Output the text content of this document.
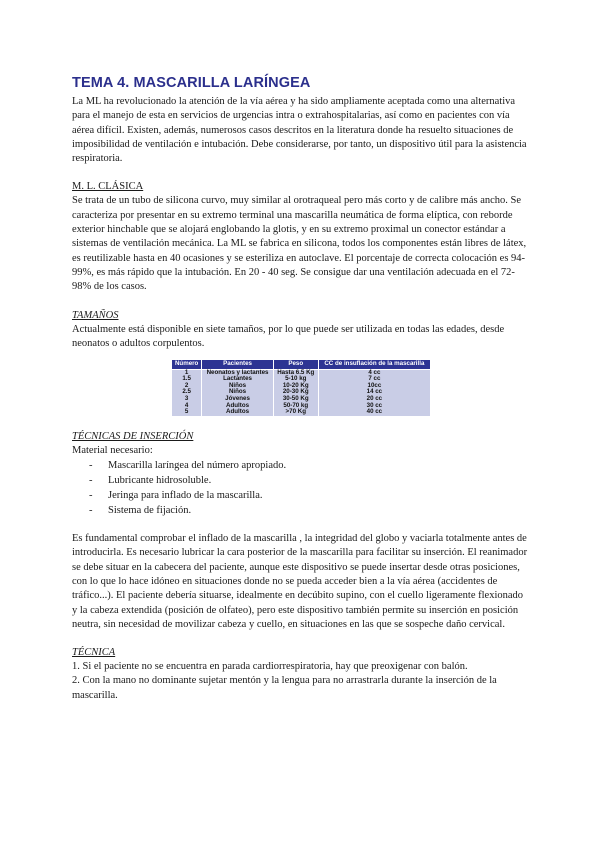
TEMA 4. MASCARILLA LARÍNGEA

La ML ha revolucionado la atención de la vía aérea y ha sido ampliamente aceptada como una alternativa para el manejo de esta en servicios de urgencias intra o extrahospitalarias, así como en pacientes con vía aérea difícil. Existen, además, numerosos casos descritos en la literatura donde ha resuelto situaciones de imposibilidad de ventilación e intubación. Debe considerarse, por tanto, un dispositivo útil para la asistencia respiratoria.

M. L. CLÁSICA

Se trata de un tubo de silicona curvo, muy similar al orotraqueal pero más corto y de calibre más ancho. Se caracteriza por presentar en su extremo terminal una mascarilla neumática de forma elíptica, con reborde exterior hinchable que se alojará englobando la glotis, y en su extremo proximal un conector estándar a sistemas de ventilación mecánica. La ML se fabrica en silicona, todos los componentes están libres de látex, es reutilizable hasta en 40 ocasiones y se esteriliza en autoclave. El porcentaje de correcta colocación es 94-99%, es más rápido que la intubación. En 20 - 40 seg. Se consigue dar una ventilación adecuada en el 72-98% de los casos.

TAMAÑOS

Actualmente está disponible en siete tamaños, por lo que puede ser utilizada en todas las edades, desde neonatos o adultos corpulentos.

Número	Pacientes	Peso	CC de insuflación de la mascarilla
1	Neonatos y lactantes	Hasta 6.5 Kg	4 cc
1.5	Lactantes	5-10 kg	7 cc
2	Niños	10-20 Kg	10cc
2.5	Niños	20-30 Kg	14 cc
3	Jóvenes	30-50 Kg	20 cc
4	Adultos	50-70 kg	30 cc
5	Adultos	>70 Kg	40 cc

TÉCNICAS DE INSERCIÓN

Material necesario:

- Mascarilla laríngea del número apropiado.
- Lubricante hidrosoluble.
- Jeringa para inflado de la mascarilla.
- Sistema de fijación.

Es fundamental comprobar el inflado de la mascarilla , la integridad del globo y vaciarla totalmente antes de introducirla. Es necesario lubricar la cara posterior de la mascarilla para facilitar su inserción. El reanimador se debe situar en la cabecera del paciente, aunque este dispositivo se puede insertar desde otras posiciones, con lo que lo hace idóneo en situaciones donde no se pueda acceder bien a la vía aérea (accidentes de tráfico...). El paciente debería situarse, idealmente en decúbito supino, con el cuello ligeramente flexionado y la cabeza extendida (posición de olfateo), pero este dispositivo también permite su inserción en posición neutra, sin necesidad de movilizar cabeza y cuello, en situaciones en las que se sospeche daño cervical.

TÉCNICA

1. Si el paciente no se encuentra en parada cardiorrespiratoria, hay que preoxigenar con balón.

2. Con la mano no dominante sujetar mentón y la lengua para no arrastrarla durante la inserción de la mascarilla.
